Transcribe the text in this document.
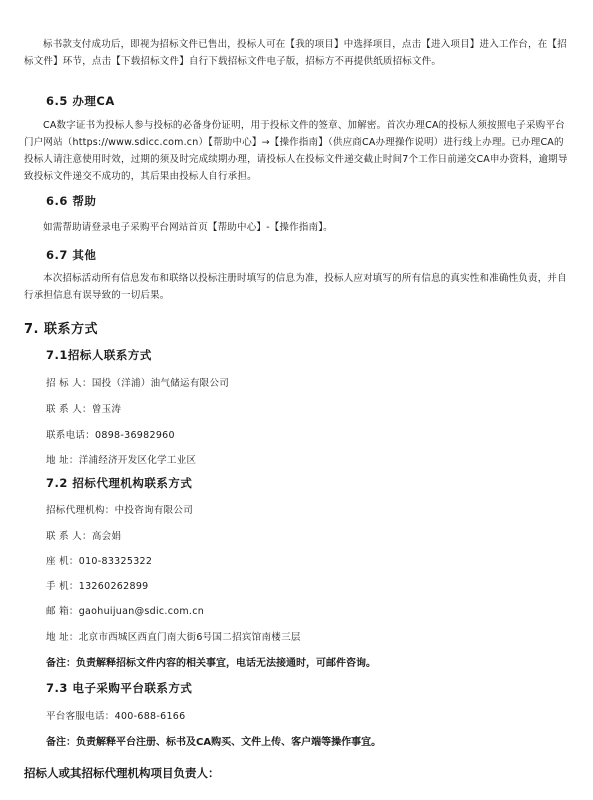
标书款支付成功后，即视为招标文件已售出，投标人可在【我的项目】中选择项目，点击【进入项目】进入工作台，在【招标文件】环节，点击【下载招标文件】自行下载招标文件电子版，招标方不再提供纸质招标文件。
6.5 办理CA
CA数字证书为投标人参与投标的必备身份证明，用于投标文件的签章、加解密。首次办理CA的投标人须按照电子采购平台门户网站（https://www.sdicc.com.cn）【帮助中心】→【操作指南】（供应商CA办理操作说明）进行线上办理。已办理CA的投标人请注意使用时效，过期的须及时完成续期办理，请投标人在投标文件递交截止时间7个工作日前递交CA申办资料，逾期导致投标文件递交不成功的，其后果由投标人自行承担。
6.6 帮助
如需帮助请登录电子采购平台网站首页【帮助中心】-【操作指南】。
6.7 其他
本次招标活动所有信息发布和联络以投标注册时填写的信息为准，投标人应对填写的所有信息的真实性和准确性负责，并自行承担信息有误导致的一切后果。
7. 联系方式
7.1招标人联系方式
招 标 人：国投（洋浦）油气储运有限公司
联 系 人：曾玉涛
联系电话：0898-36982960
地 址：洋浦经济开发区化学工业区
7.2 招标代理机构联系方式
招标代理机构：中投咨询有限公司
联 系 人：高会娟
座 机：010-83325322
手 机：13260262899
邮 箱：gaohuijuan@sdic.com.cn
地 址：北京市西城区西直门南大街6号国二招宾馆南楼三层
备注：负责解释招标文件内容的相关事宜，电话无法接通时，可邮件咨询。
7.3 电子采购平台联系方式
平台客服电话：400-688-6166
备注：负责解释平台注册、标书及CA购买、文件上传、客户端等操作事宜。
招标人或其招标代理机构项目负责人：
